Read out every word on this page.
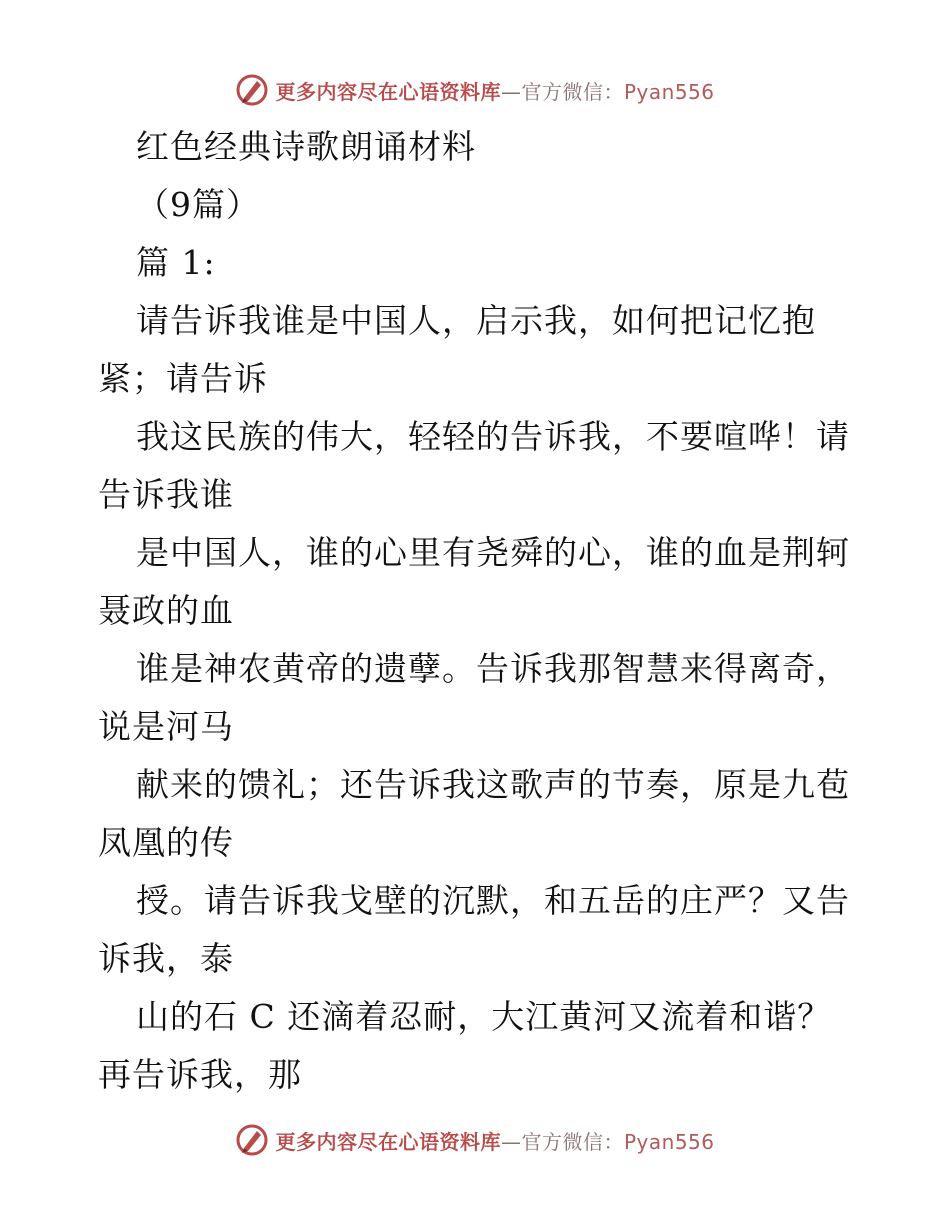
更多内容尽在心语资料库—官方微信：Pyan556
红色经典诗歌朗诵材料
（9篇）
篇 1:
请告诉我谁是中国人，启示我，如何把记忆抱
紧；请告诉
我这民族的伟大，轻轻的告诉我，不要喧哗！请
告诉我谁
是中国人，谁的心里有尧舜的心，谁的血是荆轲
聂政的血
谁是神农黄帝的遗孽。告诉我那智慧来得离奇，
说是河马
献来的馈礼；还告诉我这歌声的节奏，原是九苞
凤凰的传
授。请告诉我戈壁的沉默，和五岳的庄严？又告
诉我，泰
山的石 C 还滴着忍耐，大江黄河又流着和谐？
再告诉我，那
更多内容尽在心语资料库—官方微信：Pyan556
